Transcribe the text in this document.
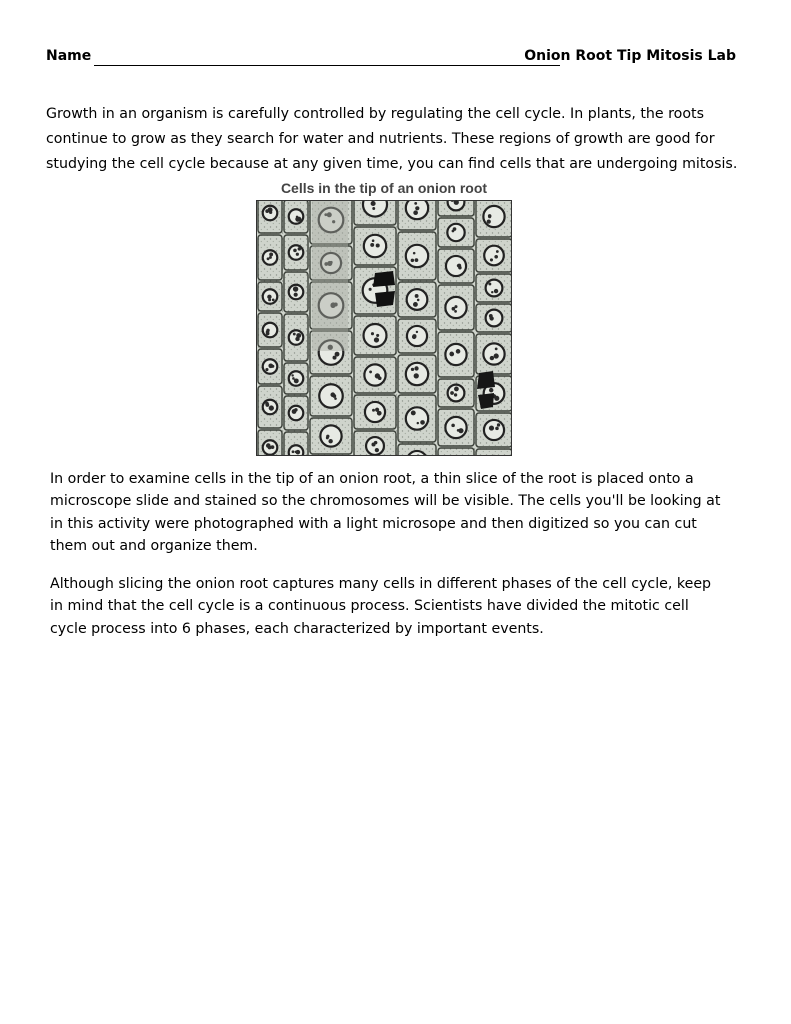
Name	Onion Root Tip Mitosis Lab

Growth in an organism is carefully controlled by regulating the cell cycle. In plants, the roots
continue to grow as they search for water and nutrients. These regions of growth are good for
studying the cell cycle because at any given time, you can find cells that are undergoing mitosis.

Cells in the tip of an onion root

In order to examine cells in the tip of an onion root, a thin slice of the root is placed onto a
microscope slide and stained so the chromosomes will be visible. The cells you'll be looking at
in this activity were photographed with a light microsope and then digitized so you can cut
them out and organize them.

Although slicing the onion root captures many cells in different phases of the cell cycle, keep
in mind that the cell cycle is a continuous process. Scientists have divided the mitotic cell
cycle process into 6 phases, each characterized by important events.
